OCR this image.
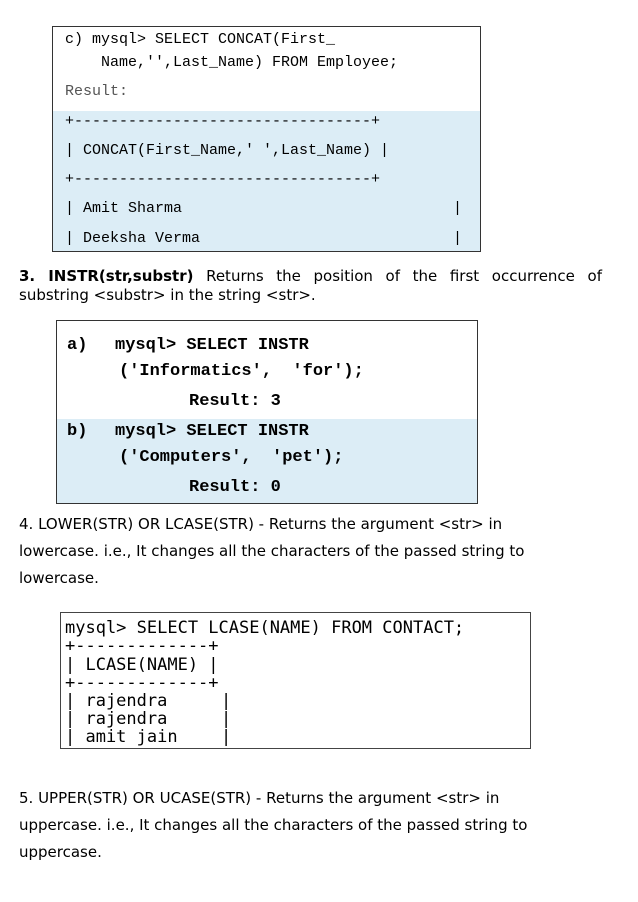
c) mysql> SELECT CONCAT(First_
Name,'',Last_Name) FROM Employee;
Result:
+---------------------------------+
| CONCAT(First_Name,' ',Last_Name) |
+---------------------------------+
| Amit Sharma	|
| Deeksha Verma	|
3. INSTR(str,substr) Returns the position of the first occurrence of substring <substr> in the string <str>.
a) mysql> SELECT INSTR
('Informatics',  'for');
Result: 3
b) mysql> SELECT INSTR
('Computers',  'pet');
Result: 0
4. LOWER(STR) OR LCASE(STR) - Returns the argument <str> in
lowercase. i.e., It changes all the characters of the passed string to
lowercase.
mysql> SELECT LCASE(NAME) FROM CONTACT;
+-------------+
| LCASE(NAME) |
+-------------+
| rajendra	|
| rajendra	|
| amit jain	|
5. UPPER(STR) OR UCASE(STR) - Returns the argument <str> in
uppercase. i.e., It changes all the characters of the passed string to
uppercase.
